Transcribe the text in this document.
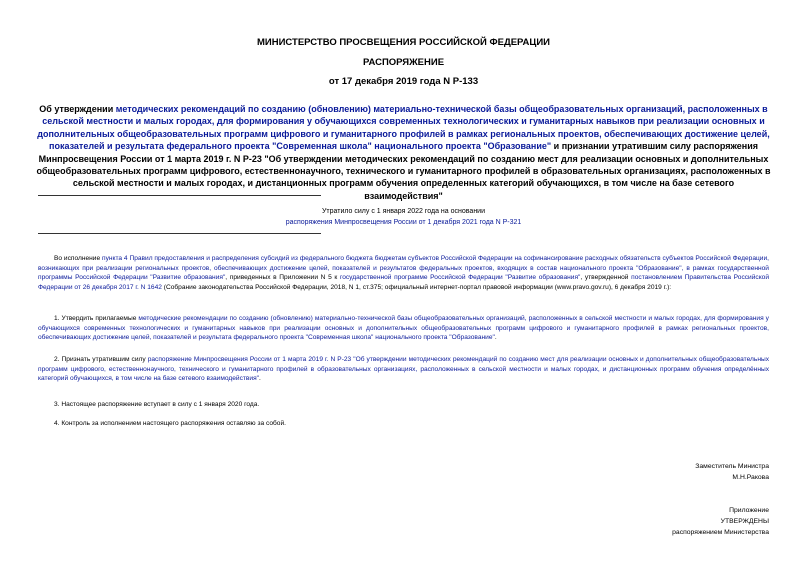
МИНИСТЕРСТВО ПРОСВЕЩЕНИЯ РОССИЙСКОЙ ФЕДЕРАЦИИ
РАСПОРЯЖЕНИЕ
от 17 декабря 2019 года N Р-133
Об утверждении методических рекомендаций по созданию (обновлению) материально-технической базы общеобразовательных организаций, расположенных в сельской местности и малых городах, для формирования у обучающихся современных технологических и гуманитарных навыков при реализации основных и дополнительных общеобразовательных программ цифрового и гуманитарного профилей в рамках региональных проектов, обеспечивающих достижение целей, показателей и результата федерального проекта "Современная школа" национального проекта "Образование" и признании утратившим силу распоряжения Минпросвещения России от 1 марта 2019 г. N Р-23 "Об утверждении методических рекомендаций по созданию мест для реализации основных и дополнительных общеобразовательных программ цифрового, естественнонаучного, технического и гуманитарного профилей в образовательных организациях, расположенных в сельской местности и малых городах, и дистанционных программ обучения определенных категорий обучающихся, в том числе на базе сетевого взаимодействия"
Утратило силу с 1 января 2022 года на основании
распоряжения Минпросвещения России от 1 декабря 2021 года N Р-321
Во исполнение пункта 4 Правил предоставления и распределения субсидий из федерального бюджета бюджетам субъектов Российской Федерации на софинансирование расходных обязательств субъектов Российской Федерации, возникающих при реализации региональных проектов, обеспечивающих достижение целей, показателей и результатов федеральных проектов, входящих в состав национального проекта "Образование", в рамках государственной программы Российской Федерации "Развитие образования", приведенных в Приложении N 5 к государственной программе Российской Федерации "Развитие образования", утвержденной постановлением Правительства Российской Федерации от 26 декабря 2017 г. N 1642 (Собрание законодательства Российской Федерации, 2018, N 1, ст.375; официальный интернет-портал правовой информации (www.pravo.gov.ru), 6 декабря 2019 г.):
1. Утвердить прилагаемые методические рекомендации по созданию (обновлению) материально-технической базы общеобразовательных организаций, расположенных в сельской местности и малых городах, для формирования у обучающихся современных технологических и гуманитарных навыков при реализации основных и дополнительных общеобразовательных программ цифрового и гуманитарного профилей в рамках региональных проектов, обеспечивающих достижение целей, показателей и результата федерального проекта "Современная школа" национального проекта "Образование".
2. Признать утратившим силу распоряжение Минпросвещения России от 1 марта 2019 г. N Р-23 "Об утверждении методических рекомендаций по созданию мест для реализации основных и дополнительных общеобразовательных программ цифрового, естественнонаучного, технического и гуманитарного профилей в образовательных организациях, расположенных в сельской местности и малых городах, и дистанционных программ обучения определённых категорий обучающихся, в том числе на базе сетевого взаимодействия".
3. Настоящее распоряжение вступает в силу с 1 января 2020 года.
4. Контроль за исполнением настоящего распоряжения оставляю за собой.
Заместитель Министра
М.Н.Ракова
Приложение
УТВЕРЖДЕНЫ
распоряжением Министерства
